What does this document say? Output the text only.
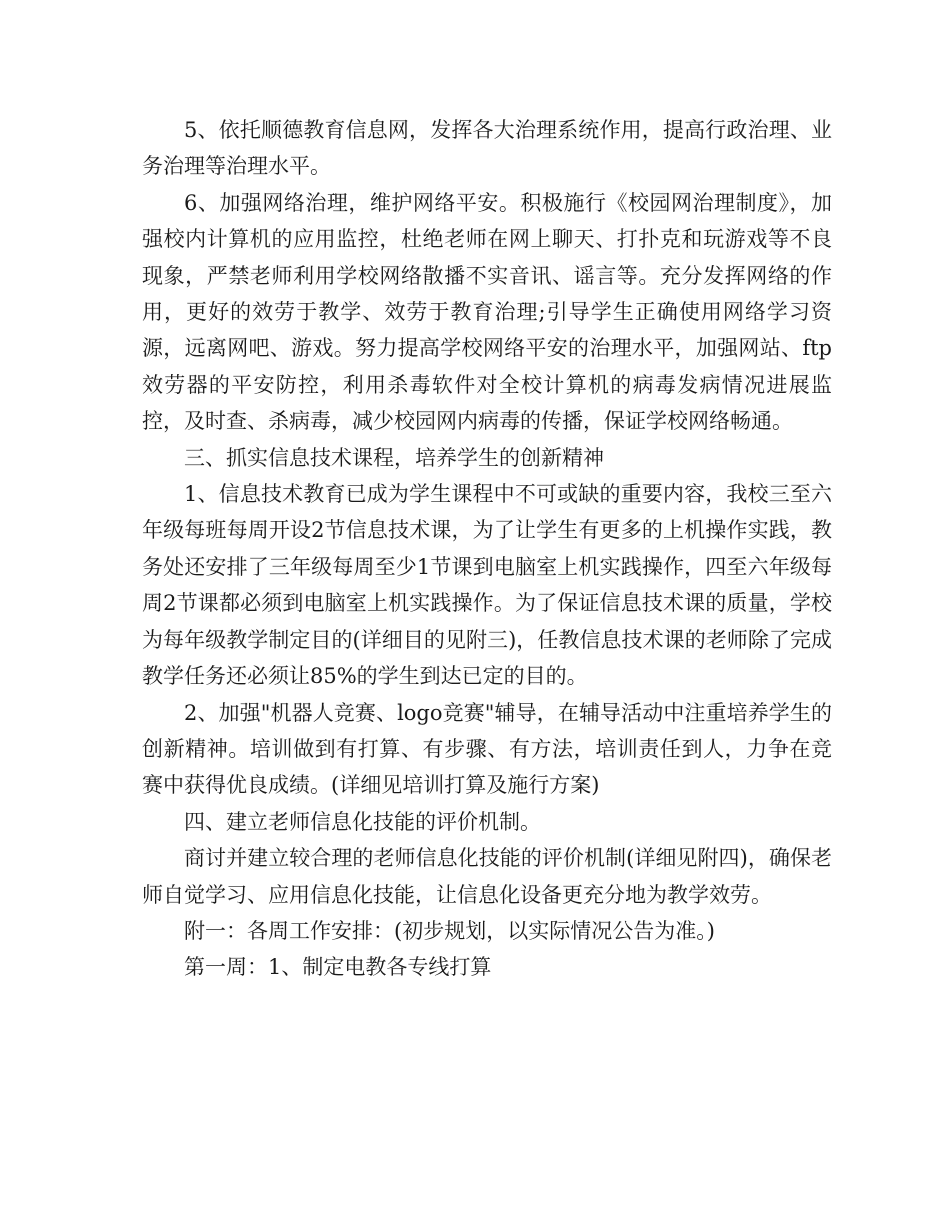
5、依托顺德教育信息网，发挥各大治理系统作用，提高行政治理、业务治理等治理水平。

6、加强网络治理，维护网络平安。积极施行《校园网治理制度》，加强校内计算机的应用监控，杜绝老师在网上聊天、打扑克和玩游戏等不良现象，严禁老师利用学校网络散播不实音讯、谣言等。充分发挥网络的作用，更好的效劳于教学、效劳于教育治理;引导学生正确使用网络学习资源，远离网吧、游戏。努力提高学校网络平安的治理水平，加强网站、ftp效劳器的平安防控，利用杀毒软件对全校计算机的病毒发病情况进展监控，及时查、杀病毒，减少校园网内病毒的传播，保证学校网络畅通。

三、抓实信息技术课程，培养学生的创新精神

1、信息技术教育已成为学生课程中不可或缺的重要内容，我校三至六年级每班每周开设2节信息技术课，为了让学生有更多的上机操作实践，教务处还安排了三年级每周至少1节课到电脑室上机实践操作，四至六年级每周2节课都必须到电脑室上机实践操作。为了保证信息技术课的质量，学校为每年级教学制定目的(详细目的见附三)，任教信息技术课的老师除了完成教学任务还必须让85%的学生到达已定的目的。

2、加强"机器人竞赛、logo竞赛"辅导，在辅导活动中注重培养学生的创新精神。培训做到有打算、有步骤、有方法，培训责任到人，力争在竞赛中获得优良成绩。(详细见培训打算及施行方案)

四、建立老师信息化技能的评价机制。

商讨并建立较合理的老师信息化技能的评价机制(详细见附四)，确保老师自觉学习、应用信息化技能，让信息化设备更充分地为教学效劳。

附一：各周工作安排：(初步规划，以实际情况公告为准。)

第一周：1、制定电教各专线打算
